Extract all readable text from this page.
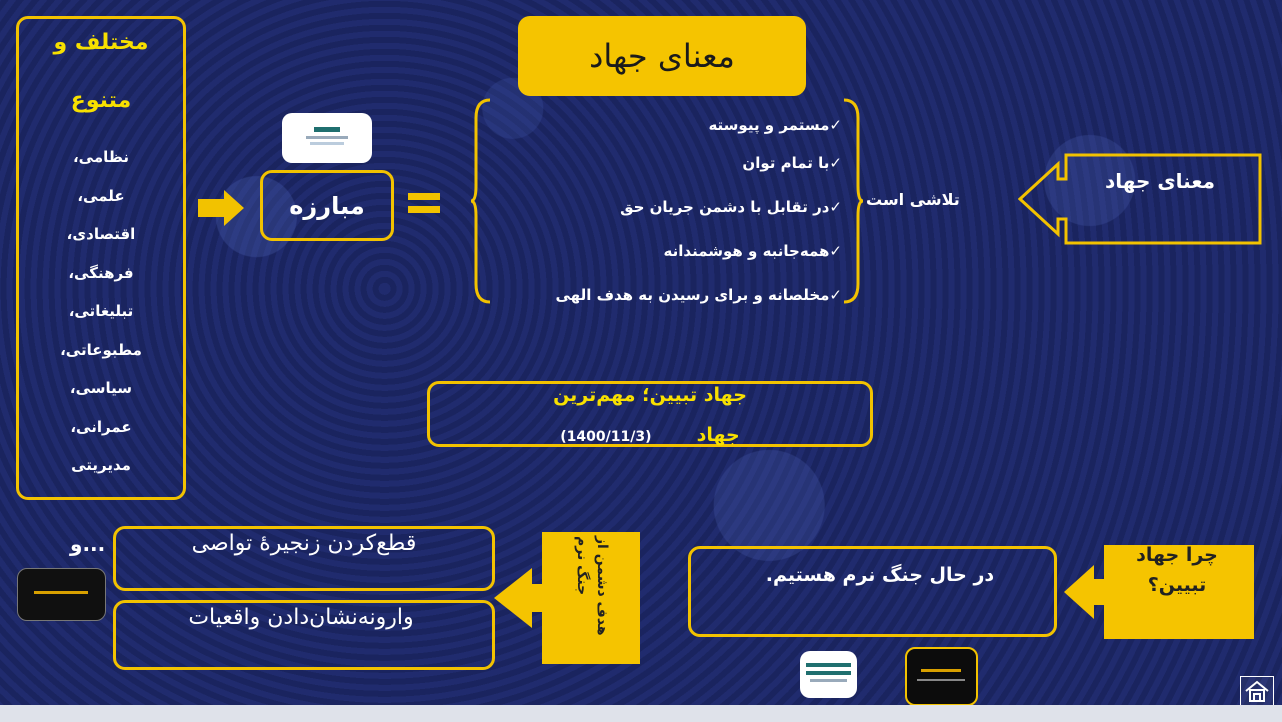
مختلف و
متنوع
نظامی،
علمی،
اقتصادی،
فرهنگی،
تبلیغاتی،
مطبوعاتی،
سیاسی،
عمرانی،
مدیریتی
و...
مبارزه
معنای جهاد
✓مستمر و پیوسته
✓با تمام توان
✓در تقابل با دشمن جریان حق
✓همه‌جانبه و هوشمندانه
✓مخلصانه و برای رسیدن به هدف الهی
تلاشی است
معنای جهاد
جهاد تبیین؛ مهم‌ترین
جهاد (1400/11/3)
قطع‌کردن زنجیرۀ تواصی
وارونه‌نشان‌دادن واقعیات	هدف دشمن از جنگ نرم	در حال جنگ نرم هستیم.
چرا جهاد تبیین؟
